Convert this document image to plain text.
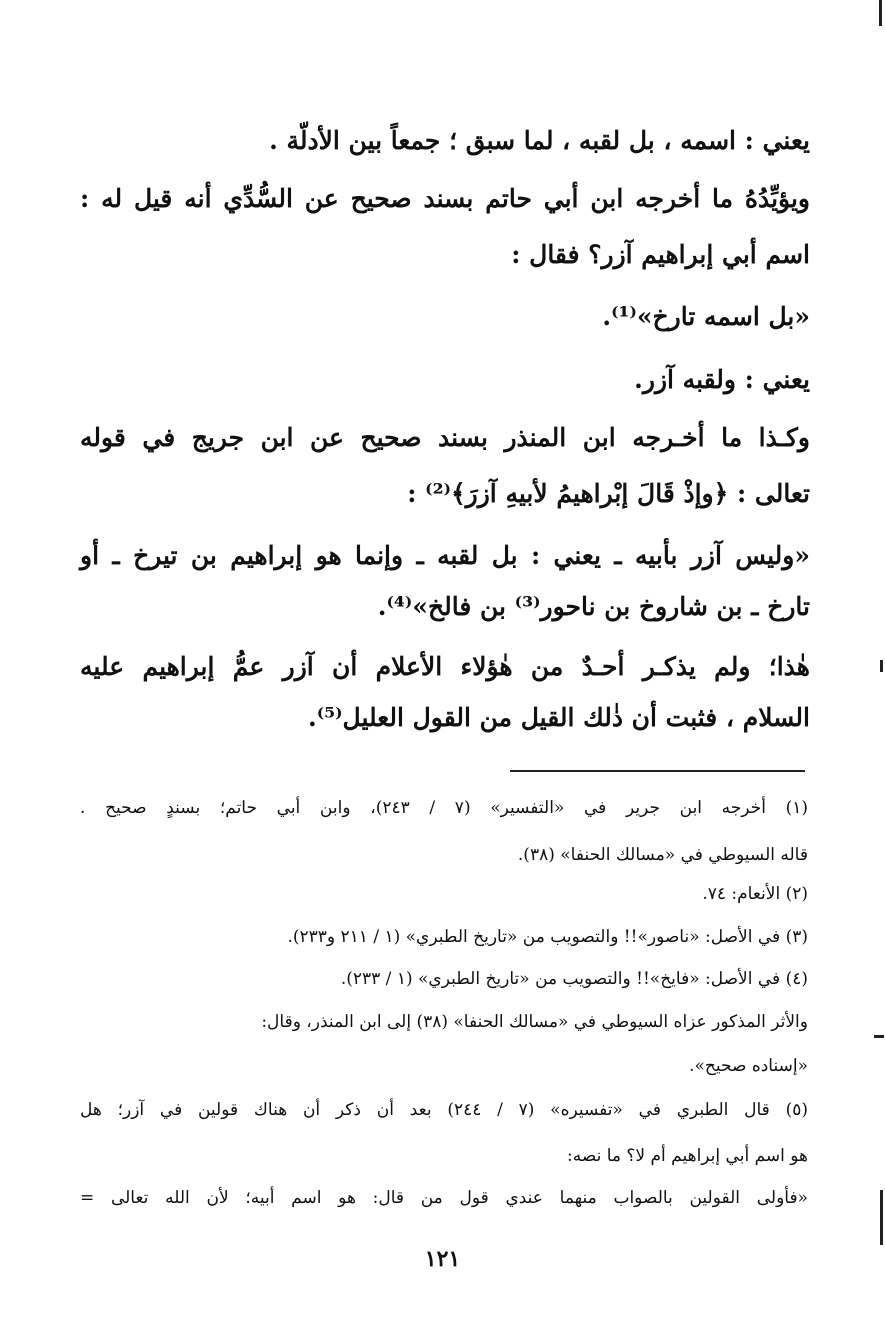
يعني : اسمه ، بل لقبه ، لما سبق ؛ جمعاً بين الأدلّة .
ويؤيِّدُهُ ما أخرجه ابن أبي حاتم بسند صحيح عن السُّدِّي أنه قيل له :
اسم أبي إبراهيم آزر؟ فقال :
«بل اسمه تارخ»⁽¹⁾.
يعني : ولقبه آزر.
وكـذا ما أخـرجه ابن المنذر بسند صحيح عن ابن جريج في قوله
تعالى : ﴿وإذْ قَالَ إبْراهيمُ لأبيهِ آزرَ﴾⁽²⁾ :
«وليس آزر بأبيه ـ يعني : بل لقبه ـ وإنما هو إبراهيم بن تيرخ ـ أو
تارخ ـ بن شاروخ بن ناحور⁽³⁾ بن فالخ»⁽⁴⁾.
هٰذا؛ ولم يذكـر أحـدٌ من هٰؤلاء الأعلام أن آزر عمُّ إبراهيم عليه
السلام ، فثبت أن ذٰلك القيل من القول العليل⁽⁵⁾.
(١) أخرجه ابن جرير في «التفسير» (٧ / ٢٤٣)، وابن أبي حاتم؛ بسندٍ صحيح .
قاله السيوطي في «مسالك الحنفا» (٣٨).
(٢) الأنعام: ٧٤.
(٣) في الأصل: «ناصور»!! والتصويب من «تاريخ الطبري» (١ / ٢١١ و٢٣٣).
(٤) في الأصل: «فايخ»!! والتصويب من «تاريخ الطبري» (١ / ٢٣٣).
والأثر المذكور عزاه السيوطي في «مسالك الحنفا» (٣٨) إلى ابن المنذر، وقال:
«إسناده صحيح».
(٥) قال الطبري في «تفسيره» (٧ / ٢٤٤) بعد أن ذكر أن هناك قولين في آزر؛ هل
هو اسم أبي إبراهيم أم لا؟ ما نصه:
«فأولى القولين بالصواب منهما عندي قول من قال: هو اسم أبيه؛ لأن الله تعالى =
١٢١
